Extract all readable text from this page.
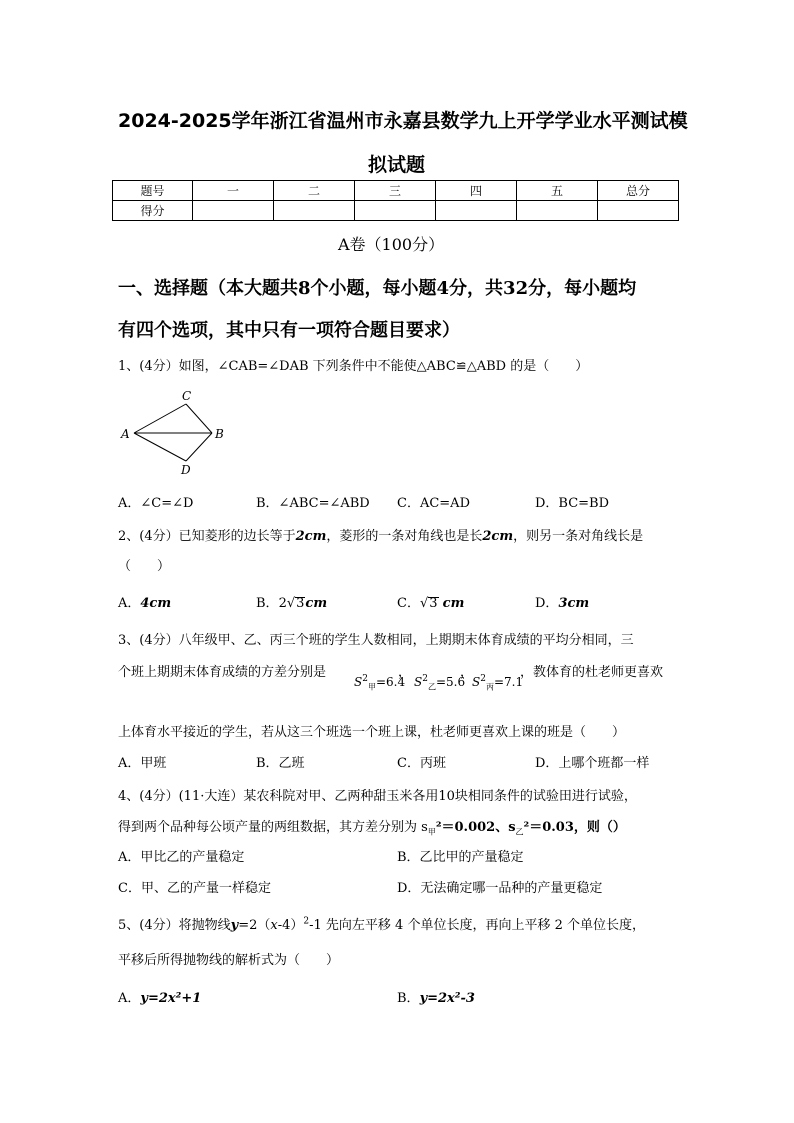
2024-2025学年浙江省温州市永嘉县数学九上开学学业水平测试模
拟试题
题号	一	二	三	四	五	总分
得分						
A卷（100分）
一、选择题（本大题共8个小题，每小题4分，共32分，每小题均
有四个选项，其中只有一项符合题目要求）
1、(4分）如图，∠CAB=∠DAB 下列条件中不能使△ABC≌△ABD 的是（　　）
A	B
C
D
A．∠C=∠D	B．∠ABC=∠ABD C．AC=AD	D．BC=BD
2、(4分）已知菱形的边长等于2cm，菱形的一条对角线也是长2cm，则另一条对角线长是
（　　）
A．4cm	B．2√3cm	C．√3 cm	D．3cm
3、(4分）八年级甲、乙、丙三个班的学生人数相同，上期期末体育成绩的平均分相同，三
个班上期期末体育成绩的方差分别是	，	，	，教体育的杜老师更喜欢
$S^2_甲=6.4$ $S^2_乙=5.6$ $S^2_丙=7.1$
上体育水平接近的学生，若从这三个班选一个班上课，杜老师更喜欢上课的班是（　　）
A．甲班	B．乙班	C．丙班	D．上哪个班都一样
4、(4分）(11·大连）某农科院对甲、乙两种甜玉米各用10块相同条件的试验田进行试验，
得到两个品种每公顷产量的两组数据，其方差分别为 $s_甲^2=0.002$、$s_乙^2=0.03$，则（）
A．甲比乙的产量稳定	B．乙比甲的产量稳定
C．甲、乙的产量一样稳定	D．无法确定哪一品种的产量更稳定
5、(4分）将抛物线$y=2(x-4)^2-1$ 先向左平移 4 个单位长度，再向上平移 2 个单位长度，
平移后所得抛物线的解析式为（　　）
A．y=2x²+1	B．y=2x²-3
